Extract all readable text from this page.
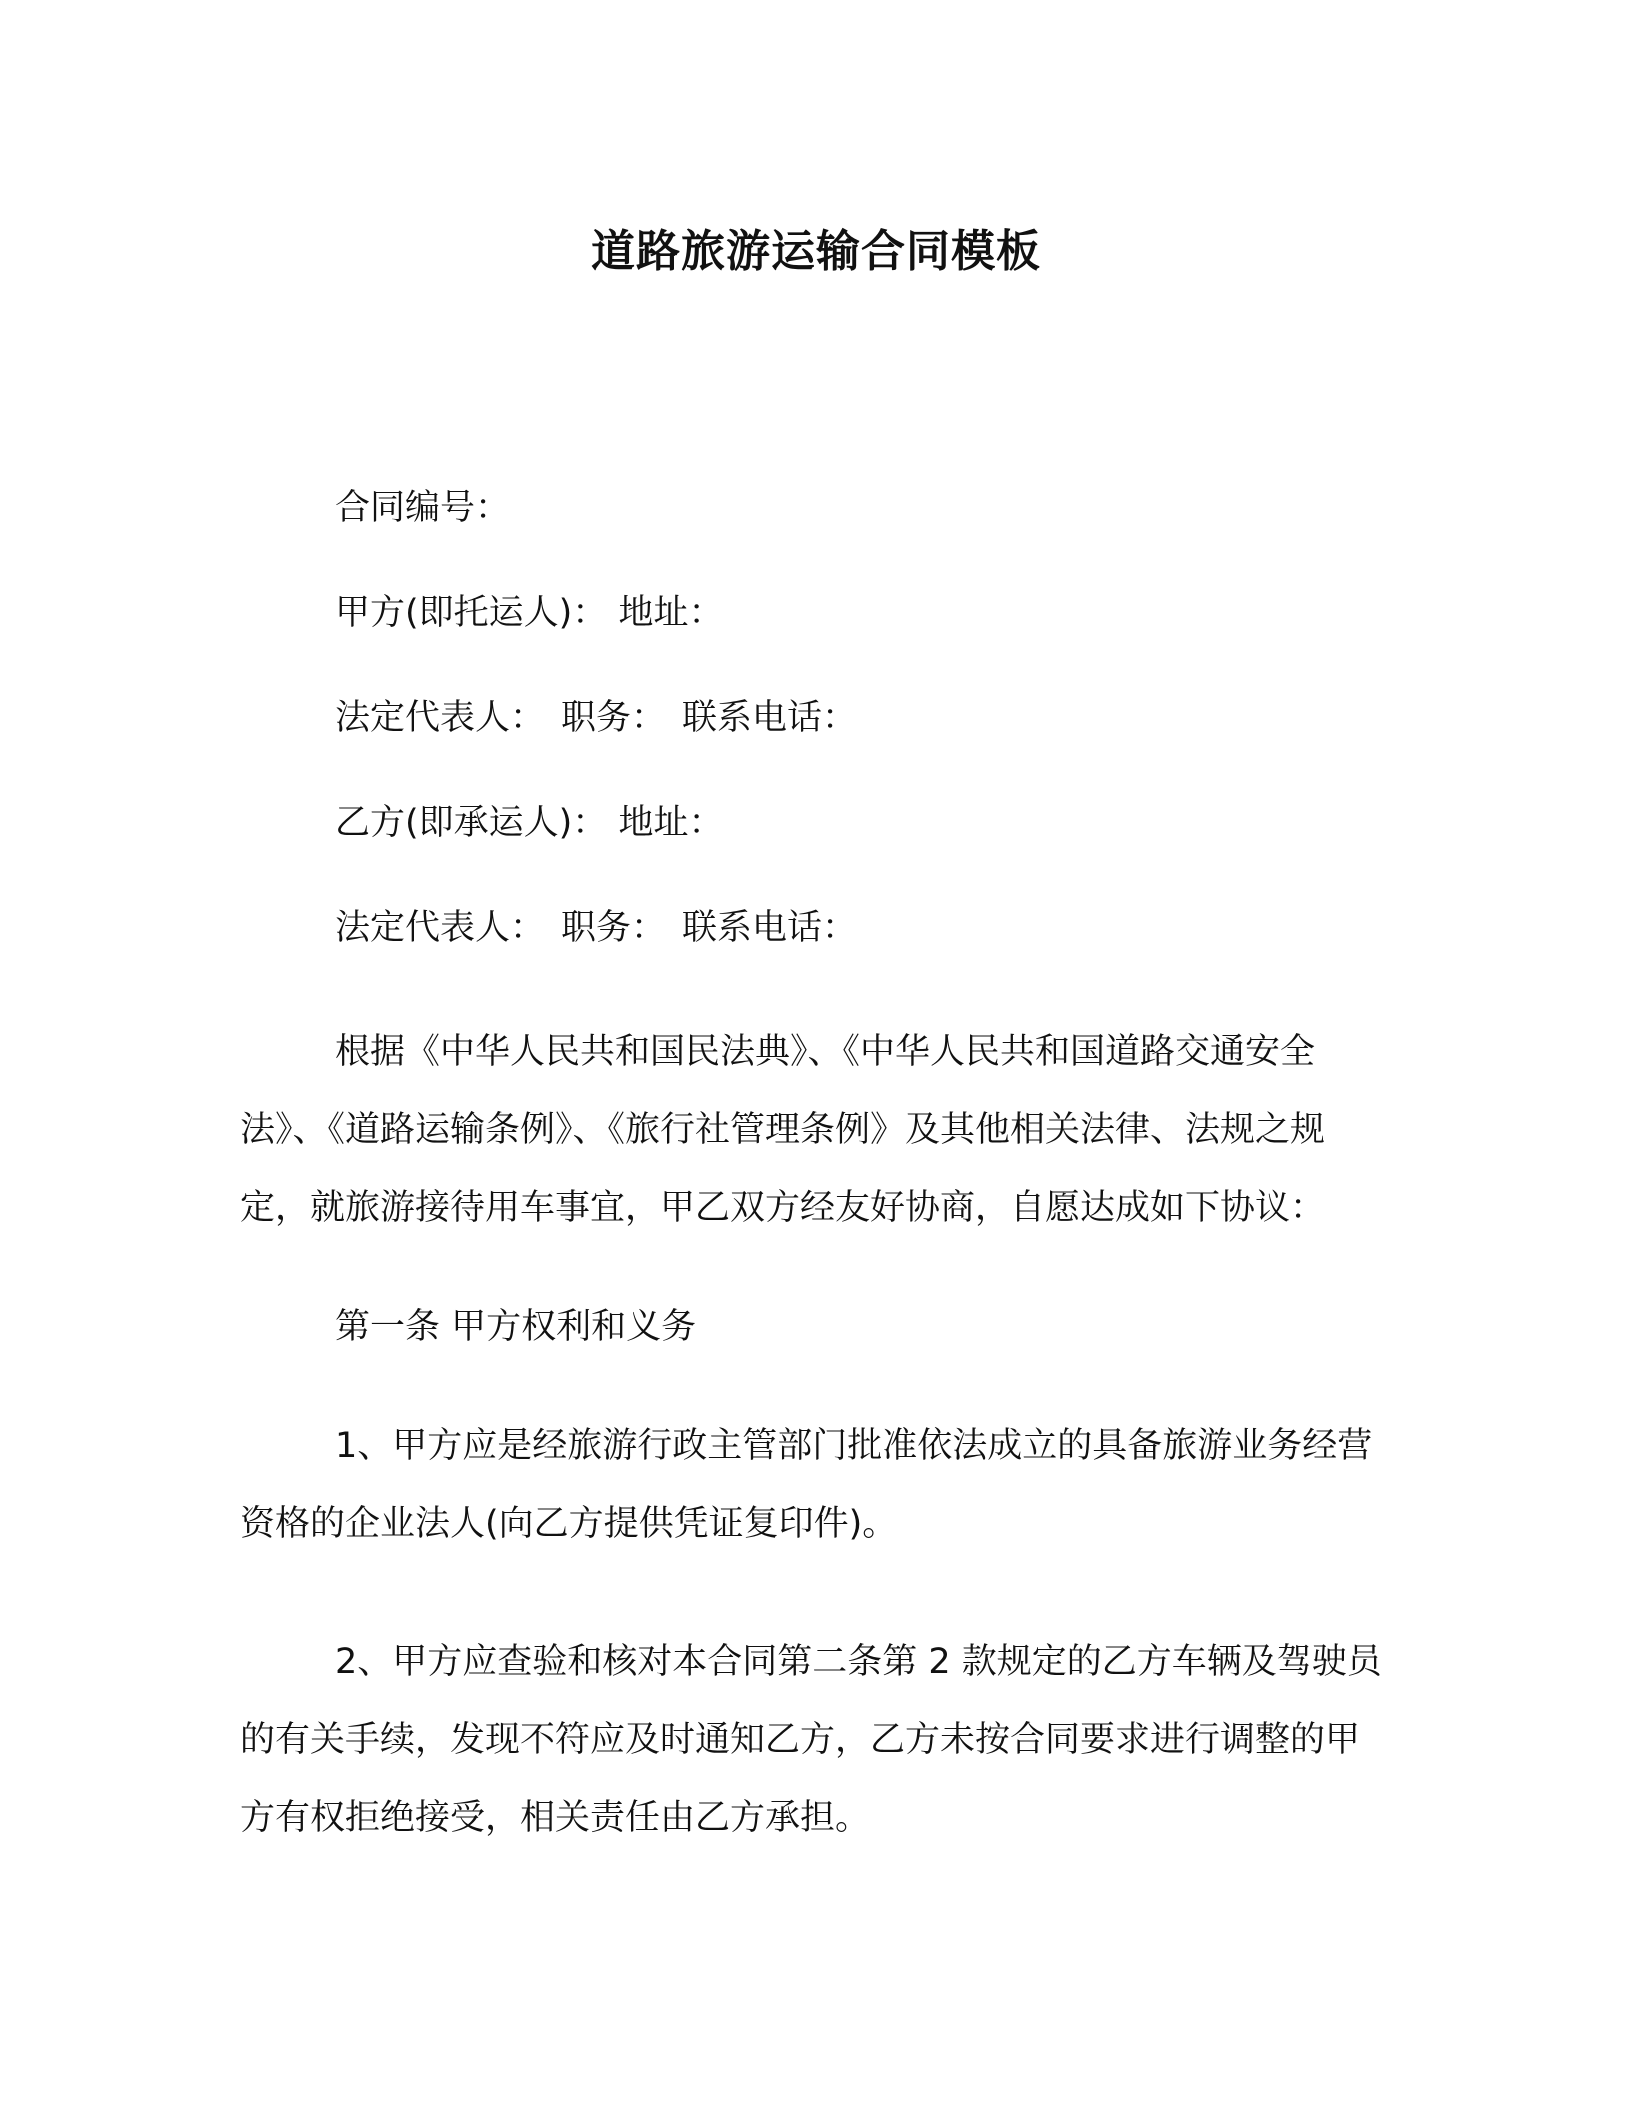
道路旅游运输合同模板
合同编号：
甲方(即托运人)： 地址：
法定代表人： 职务： 联系电话：
乙方(即承运人)： 地址：
法定代表人： 职务： 联系电话：

根据《中华人民共和国民法典》、《中华人民共和国道路交通安全法》、《道路运输条例》、《旅行社管理条例》及其他相关法律、法规之规定，就旅游接待用车事宜，甲乙双方经友好协商，自愿达成如下协议：

第一条 甲方权利和义务

1、甲方应是经旅游行政主管部门批准依法成立的具备旅游业务经营资格的企业法人(向乙方提供凭证复印件)。

2、甲方应查验和核对本合同第二条第 2 款规定的乙方车辆及驾驶员的有关手续，发现不符应及时通知乙方，乙方未按合同要求进行调整的甲方有权拒绝接受，相关责任由乙方承担。
